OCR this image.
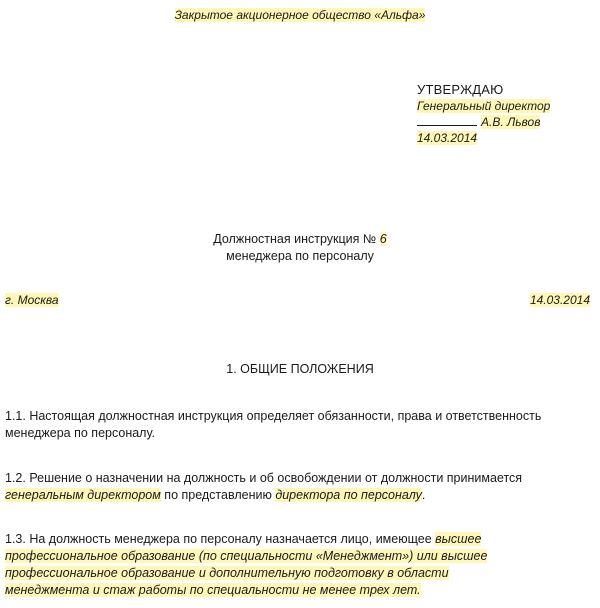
Закрытое акционерное общество «Альфа»
УТВЕРЖДАЮ
Генеральный директор
А.В. Львов
14.03.2014
Должностная инструкция № 6
менеджера по персоналу
г. Москва	14.03.2014
1. ОБЩИЕ ПОЛОЖЕНИЯ
1.1. Настоящая должностная инструкция определяет обязанности, права и ответственность
менеджера по персоналу.
1.2. Решение о назначении на должность и об освобождении от должности принимается
генеральным директором по представлению директора по персоналу.
1.3. На должность менеджера по персоналу назначается лицо, имеющее высшее
профессиональное образование (по специальности «Менеджмент») или высшее
профессиональное образование и дополнительную подготовку в области
менеджмента и стаж работы по специальности не менее трех лет.
